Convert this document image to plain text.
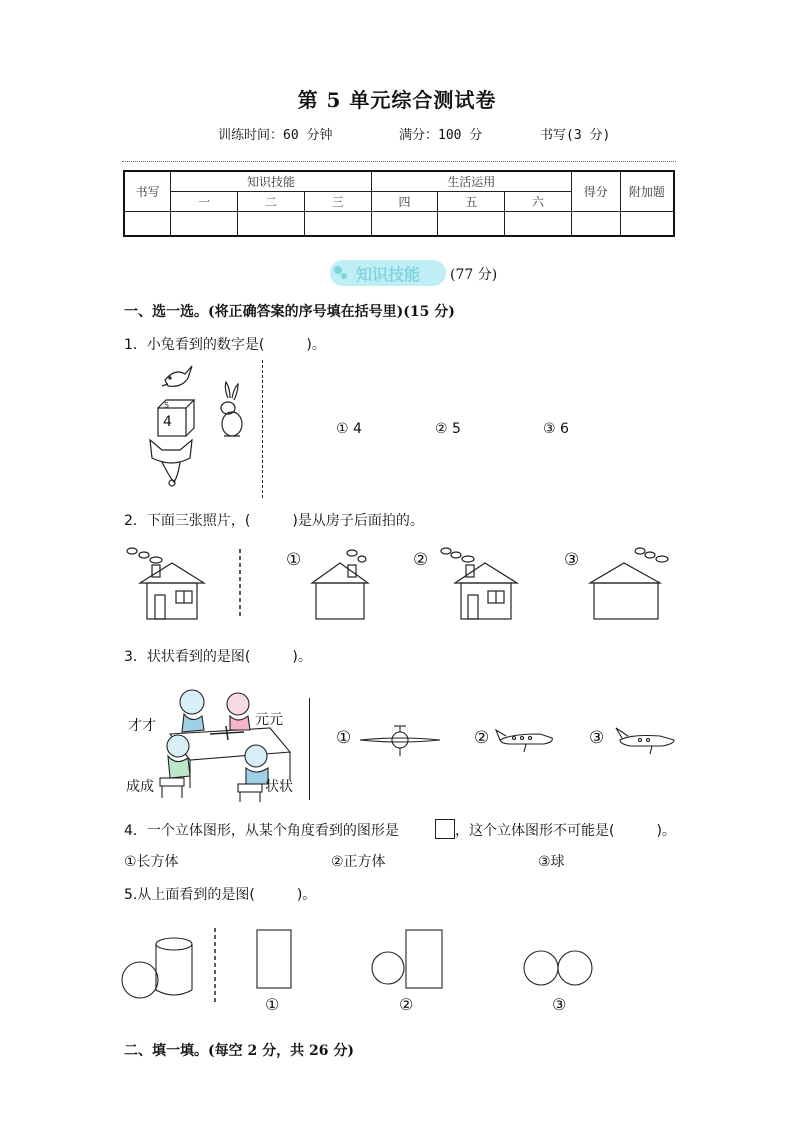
第 5 单元综合测试卷
训练时间：60 分钟	满分：100 分	书写(3 分)
书写	知识技能			生活运用			得分	附加题
	一	二	三	四	五	六		

知识技能 (77 分)
一、选一选。(将正确答案的序号填在括号里)(15 分)
1．小兔看到的数字是(　　　)。
5
4	① 4	② 5	③ 6
2．下面三张照片，(　　　)是从房子后面拍的。
①	②	③
3．状状看到的是图(　　　)。
才才	元元
成成	状状
①	②	③
4．一个立体图形，从某个角度看到的图形是	，这个立体图形不可能是(　　　)。
①长方体	②正方体	③球
5.从上面看到的是图(　　　)。
①	②	③
二、填一填。(每空 2 分，共 26 分)
